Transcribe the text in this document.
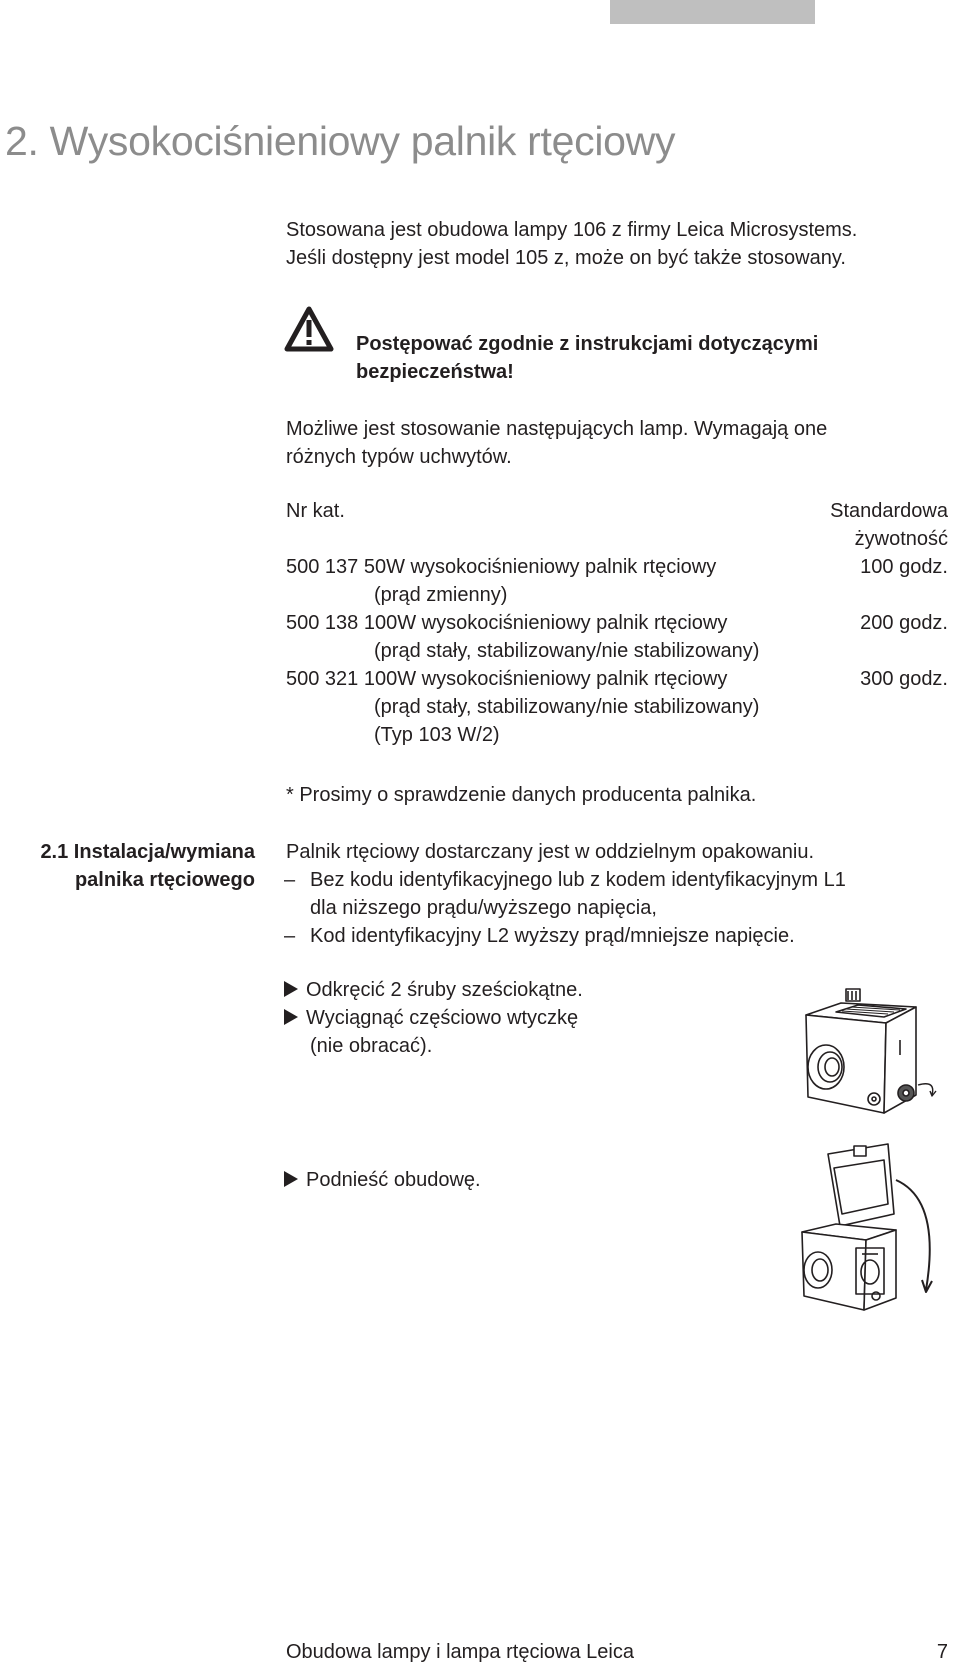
2. Wysokociśnieniowy palnik rtęciowy
Stosowana jest obudowa lampy 106 z firmy Leica Microsystems.
Jeśli dostępny jest model 105 z, może on być także stosowany.
Postępować zgodnie z instrukcjami dotyczącymi
bezpieczeństwa!
Możliwe jest stosowanie następujących lamp. Wymagają one
różnych typów uchwytów.
Nr kat.	Standardowa
żywotność
500 137 50W wysokociśnieniowy palnik rtęciowy	100 godz.
(prąd zmienny)
500 138 100W wysokociśnieniowy palnik rtęciowy	200 godz.
(prąd stały, stabilizowany/nie stabilizowany)
500 321 100W wysokociśnieniowy palnik rtęciowy	300 godz.
(prąd stały, stabilizowany/nie stabilizowany)
(Typ 103 W/2)
* Prosimy o sprawdzenie danych producenta palnika.
2.1 Instalacja/wymiana
palnika rtęciowego
Palnik rtęciowy dostarczany jest w oddzielnym opakowaniu.
– Bez kodu identyfikacyjnego lub z kodem identyfikacyjnym L1
dla niższego prądu/wyższego napięcia,
– Kod identyfikacyjny L2 wyższy prąd/mniejsze napięcie.
Odkręcić 2 śruby sześciokątne.
Wyciągnąć częściowo wtyczkę
(nie obracać).
Podnieść obudowę.
Obudowa lampy i lampa rtęciowa Leica	7
